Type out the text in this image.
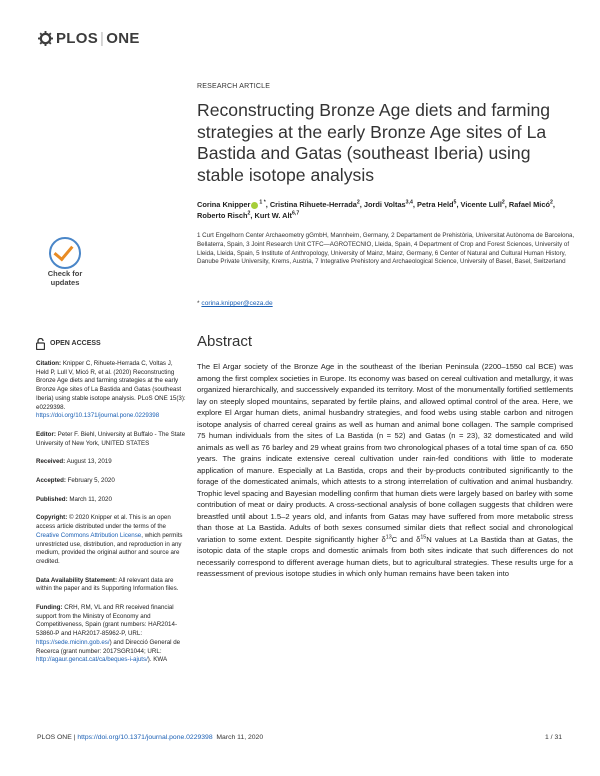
PLOS | ONE
Check for
updates
RESEARCH ARTICLE
Reconstructing Bronze Age diets and farming strategies at the early Bronze Age sites of La Bastida and Gatas (southeast Iberia) using stable isotope analysis
Corina Knipper $^{1 *}$, Cristina Rihuete-Herrada$^2$, Jordi Voltas$^{3,4}$, Petra Held$^5$, Vicente Lull$^2$, Rafael Micó$^2$, Roberto Risch$^2$, Kurt W. Alt$^{6,7}$
1 Curt Engelhorn Center Archaeometry gGmbH, Mannheim, Germany, 2 Departament de Prehistòria, Universitat Autònoma de Barcelona, Bellaterra, Spain, 3 Joint Research Unit CTFC—AGROTECNIO, Lleida, Spain, 4 Department of Crop and Forest Sciences, University of Lleida, Lleida, Spain, 5 Institute of Anthropology, University of Mainz, Mainz, Germany, 6 Center of Natural and Cultural Human History, Danube Private University, Krems, Austria, 7 Integrative Prehistory and Archaeological Science, University of Basel, Basel, Switzerland
* corina.knipper@ceza.de
OPEN ACCESS

Citation: Knipper C, Rihuete-Herrada C, Voltas J, Held P, Lull V, Micó R, et al. (2020) Reconstructing Bronze Age diets and farming strategies at the early Bronze Age sites of La Bastida and Gatas (southeast Iberia) using stable isotope analysis. PLoS ONE 15(3): e0229398. https://doi.org/10.1371/journal.pone.0229398

Editor: Peter F. Biehl, University at Buffalo - The State University of New York, UNITED STATES

Received: August 13, 2019

Accepted: February 5, 2020

Published: March 11, 2020

Copyright: © 2020 Knipper et al. This is an open access article distributed under the terms of the Creative Commons Attribution License, which permits unrestricted use, distribution, and reproduction in any medium, provided the original author and source are credited.

Data Availability Statement: All relevant data are within the paper and its Supporting Information files.

Funding: CRH, RM, VL and RR received financial support from the Ministry of Economy and Competitiveness, Spain (grant numbers: HAR2014-53860-P and HAR2017-85962-P, URL: https://sede.micinn.gob.es/) and Direcció General de Recerca (grant number: 2017SGR1044; URL: http://agaur.gencat.cat/ca/beques-i-ajuts/). KWA

Abstract
The El Argar society of the Bronze Age in the southeast of the Iberian Peninsula (2200–1550 cal BCE) was among the first complex societies in Europe. Its economy was based on cereal cultivation and metallurgy, it was organized hierarchically, and successively expanded its territory. Most of the monumentally fortified settlements lay on steeply sloped mountains, separated by fertile plains, and allowed optimal control of the area. Here, we explore El Argar human diets, animal husbandry strategies, and food webs using stable carbon and nitrogen isotope analysis of charred cereal grains as well as human and animal bone collagen. The sample comprised 75 human individuals from the sites of La Bastida (n = 52) and Gatas (n = 23), 32 domesticated and wild animals as well as 76 barley and 29 wheat grains from two chronological phases of a total time span of ca. 650 years. The grains indicate extensive cereal cultivation under rain-fed conditions with little to moderate application of manure. Especially at La Bastida, crops and their by-products contributed significantly to the forage of the domesticated animals, which attests to a strong interrelation of cultivation and animal husbandry. Trophic level spacing and Bayesian modelling confirm that human diets were largely based on barley with some contribution of meat or dairy products. A cross-sectional analysis of bone collagen suggests that children were breastfed until about 1.5–2 years old, and infants from Gatas may have suffered from more metabolic stress than those at La Bastida. Adults of both sexes consumed similar diets that reflect social and chronological variation to some extent. Despite significantly higher $\delta^{13}C$ and $\delta^{15}N$ values at La Bastida than at Gatas, the isotopic data of the staple crops and domestic animals from both sites indicate that such differences do not necessarily correspond to different average human diets, but to agricultural strategies. These results urge for a reassessment of previous isotope studies in which only human remains have been taken into
PLOS ONE | https://doi.org/10.1371/journal.pone.0229398 March 11, 2020	1 / 31
